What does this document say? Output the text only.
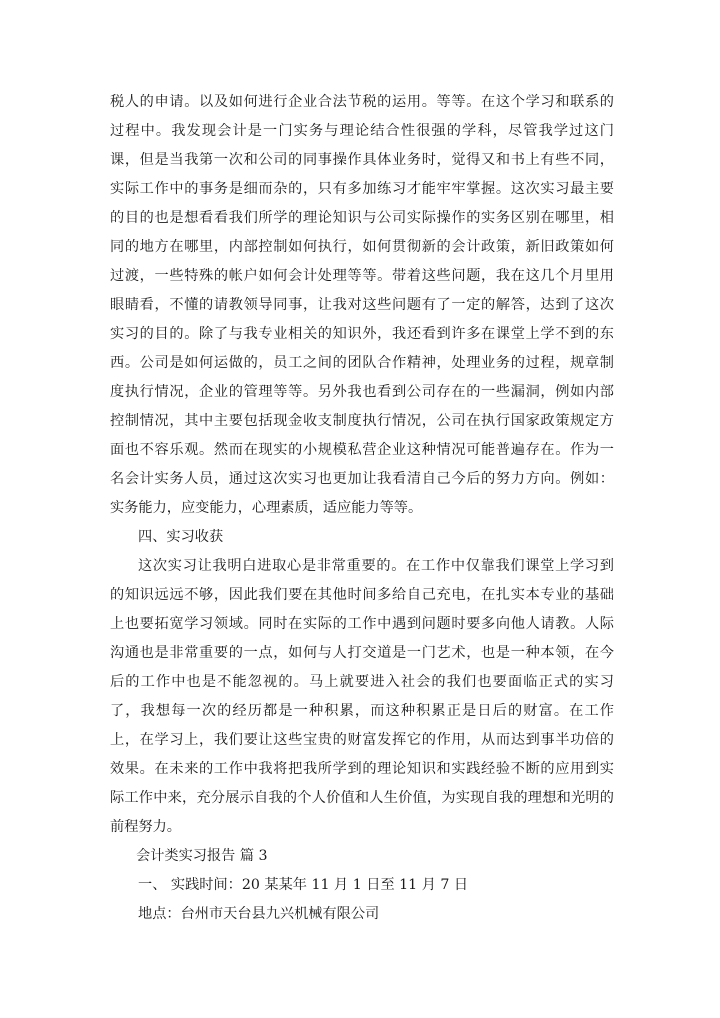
税人的申请。以及如何进行企业合法节税的运用。等等。在这个学习和联系的
过程中。我发现会计是一门实务与理论结合性很强的学科，尽管我学过这门
课，但是当我第一次和公司的同事操作具体业务时，觉得又和书上有些不同，
实际工作中的事务是细而杂的，只有多加练习才能牢牢掌握。这次实习最主要
的目的也是想看看我们所学的理论知识与公司实际操作的实务区别在哪里，相
同的地方在哪里，内部控制如何执行，如何贯彻新的会计政策，新旧政策如何
过渡，一些特殊的帐户如何会计处理等等。带着这些问题，我在这几个月里用
眼睛看，不懂的请教领导同事，让我对这些问题有了一定的解答，达到了这次
实习的目的。除了与我专业相关的知识外，我还看到许多在课堂上学不到的东
西。公司是如何运做的，员工之间的团队合作精神，处理业务的过程，规章制
度执行情况，企业的管理等等。另外我也看到公司存在的一些漏洞，例如内部
控制情况，其中主要包括现金收支制度执行情况，公司在执行国家政策规定方
面也不容乐观。然而在现实的小规模私营企业这种情况可能普遍存在。作为一
名会计实务人员，通过这次实习也更加让我看清自己今后的努力方向。例如：
实务能力，应变能力，心理素质，适应能力等等。
四、实习收获
这次实习让我明白进取心是非常重要的。在工作中仅靠我们课堂上学习到
的知识远远不够，因此我们要在其他时间多给自己充电，在扎实本专业的基础
上也要拓宽学习领域。同时在实际的工作中遇到问题时要多向他人请教。人际
沟通也是非常重要的一点，如何与人打交道是一门艺术，也是一种本领，在今
后的工作中也是不能忽视的。马上就要进入社会的我们也要面临正式的实习
了，我想每一次的经历都是一种积累，而这种积累正是日后的财富。在工作
上，在学习上，我们要让这些宝贵的财富发挥它的作用，从而达到事半功倍的
效果。在未来的工作中我将把我所学到的理论知识和实践经验不断的应用到实
际工作中来，充分展示自我的个人价值和人生价值，为实现自我的理想和光明的
前程努力。
会计类实习报告 篇 3
一、 实践时间：20 某某年 11 月 1 日至 11 月 7 日
地点：台州市天台县九兴机械有限公司
